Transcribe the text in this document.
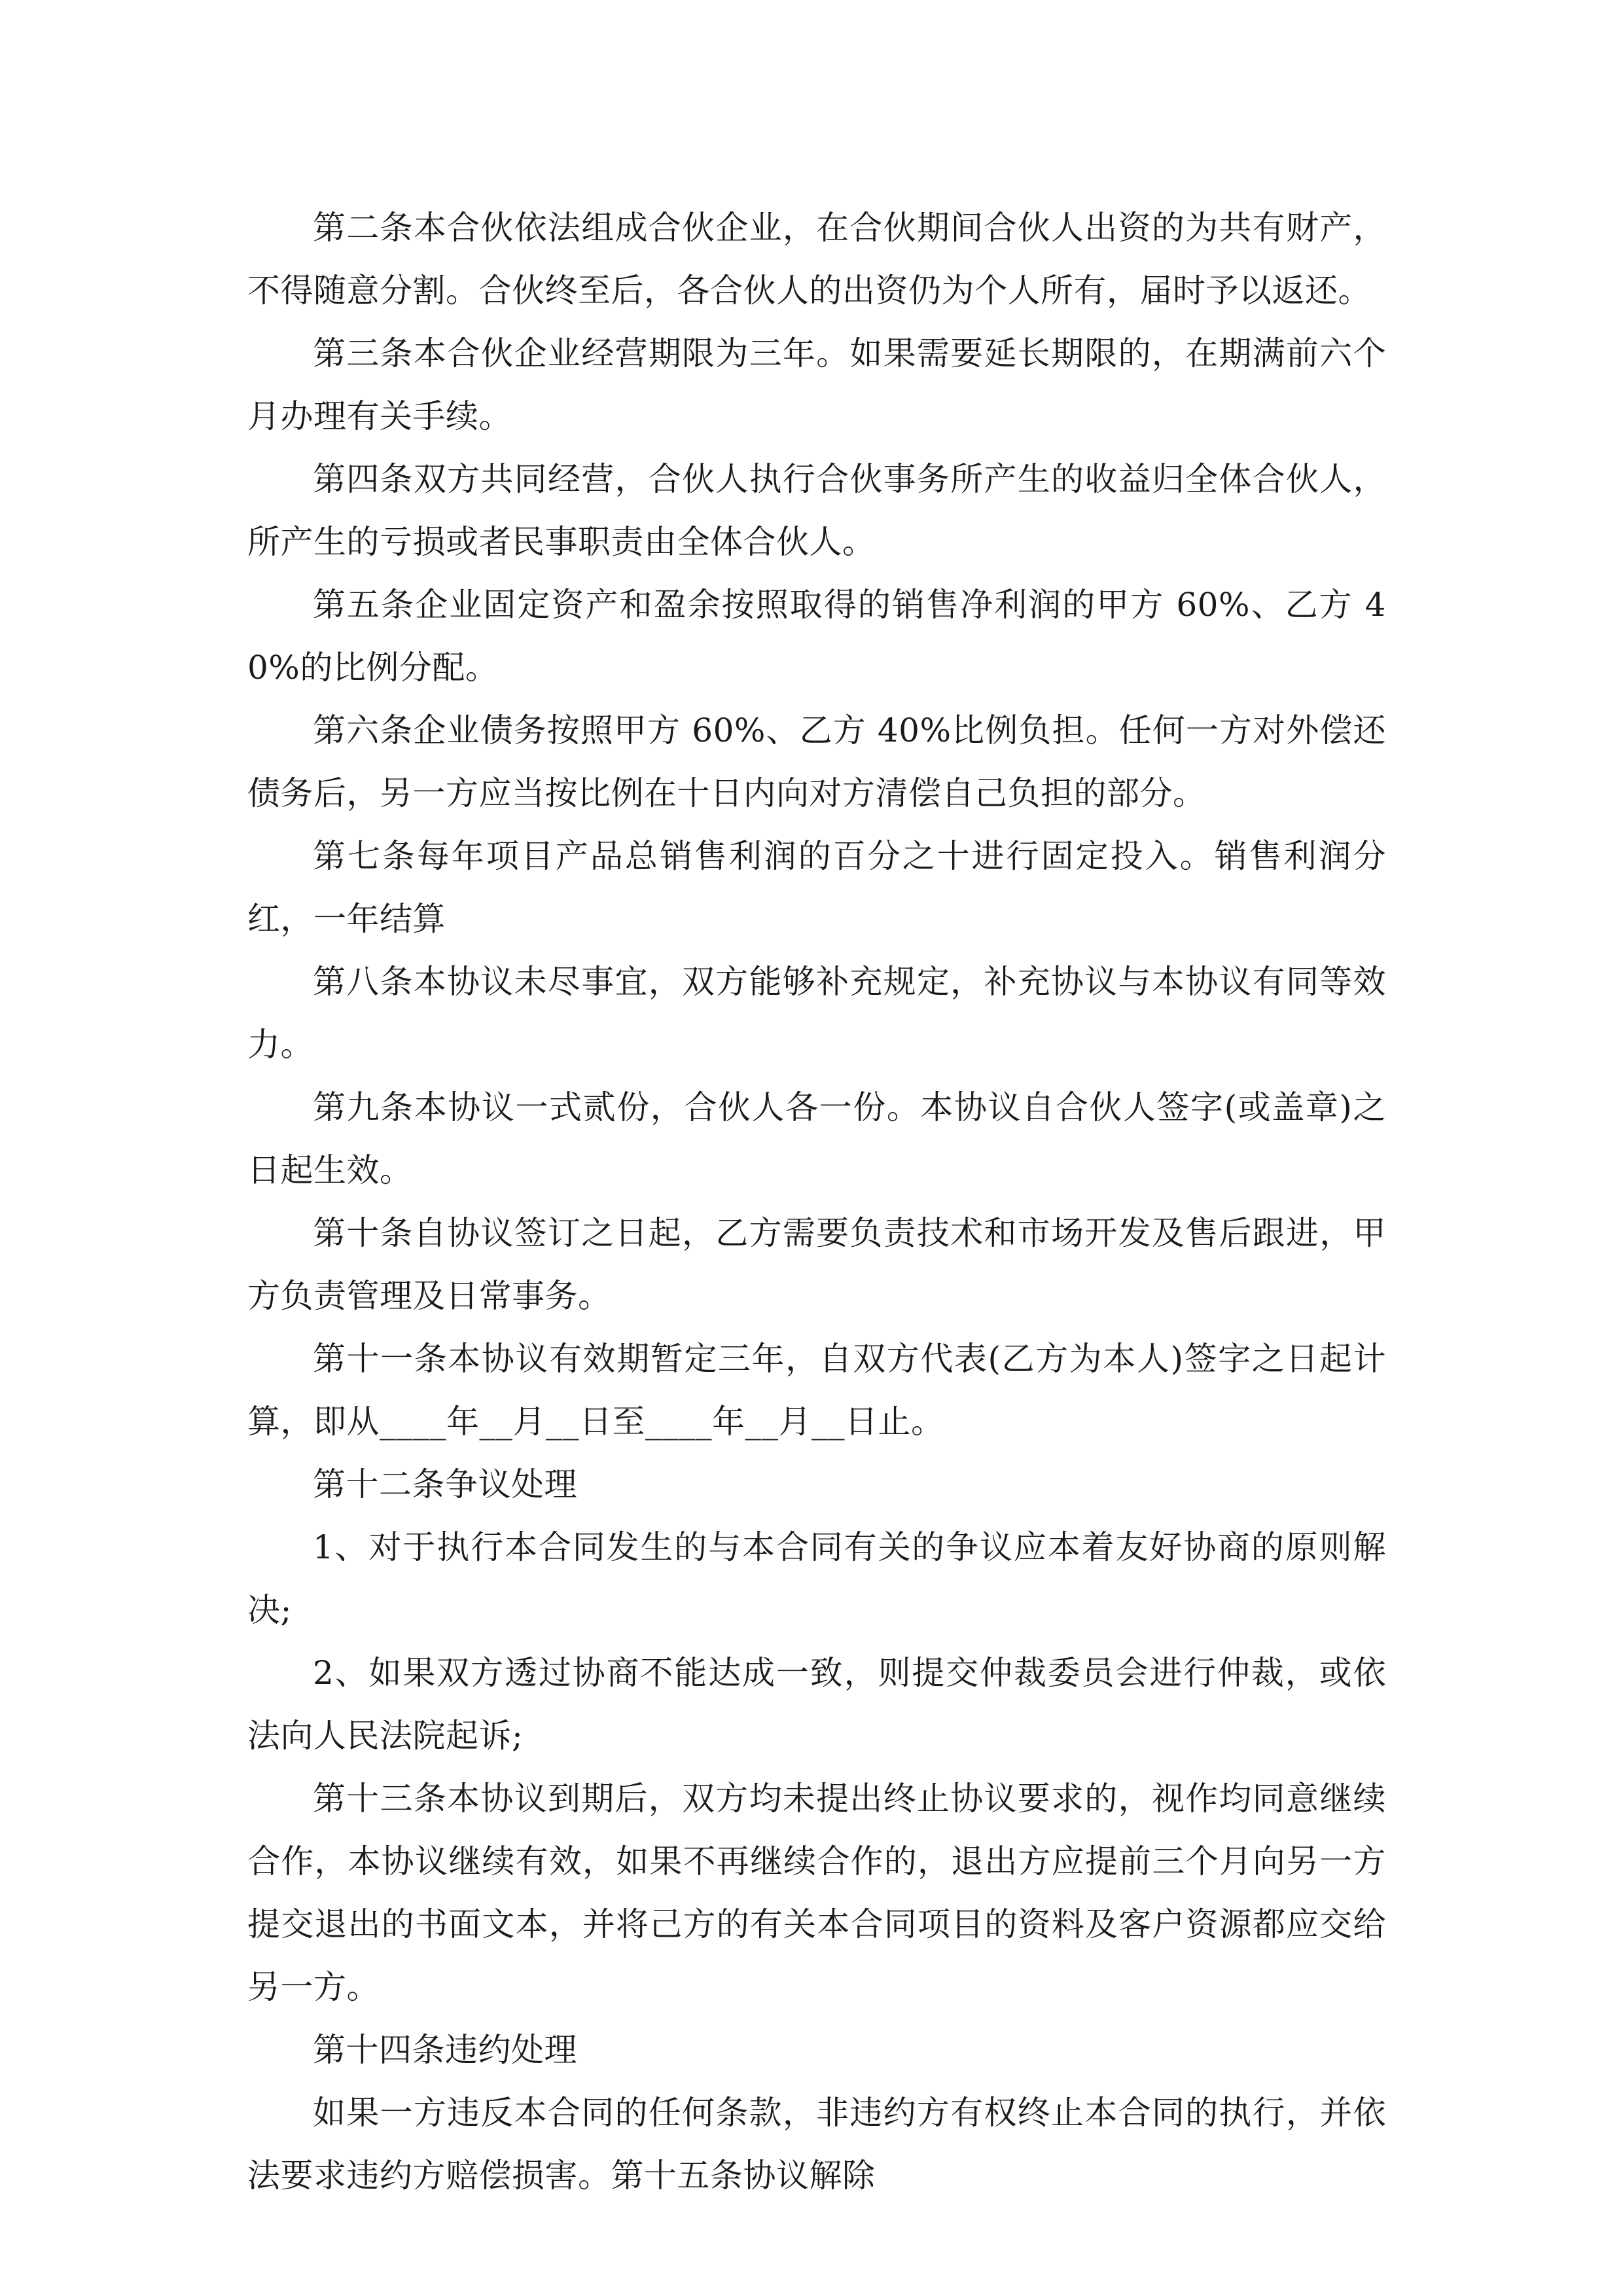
第二条本合伙依法组成合伙企业，在合伙期间合伙人出资的为共有财产，不得随意分割。合伙终至后，各合伙人的出资仍为个人所有，届时予以返还。

第三条本合伙企业经营期限为三年。如果需要延长期限的，在期满前六个月办理有关手续。

第四条双方共同经营，合伙人执行合伙事务所产生的收益归全体合伙人，所产生的亏损或者民事职责由全体合伙人。

第五条企业固定资产和盈余按照取得的销售净利润的甲方 60%、乙方 40%的比例分配。

第六条企业债务按照甲方 60%、乙方 40%比例负担。任何一方对外偿还债务后，另一方应当按比例在十日内向对方清偿自己负担的部分。

第七条每年项目产品总销售利润的百分之十进行固定投入。销售利润分红，一年结算

第八条本协议未尽事宜，双方能够补充规定，补充协议与本协议有同等效力。

第九条本协议一式贰份，合伙人各一份。本协议自合伙人签字(或盖章)之日起生效。

第十条自协议签订之日起，乙方需要负责技术和市场开发及售后跟进，甲方负责管理及日常事务。

第十一条本协议有效期暂定三年，自双方代表(乙方为本人)签字之日起计算，即从____年__月__日至____年__月__日止。

第十二条争议处理

1、对于执行本合同发生的与本合同有关的争议应本着友好协商的原则解决;

2、如果双方透过协商不能达成一致，则提交仲裁委员会进行仲裁，或依法向人民法院起诉;

第十三条本协议到期后，双方均未提出终止协议要求的，视作均同意继续合作，本协议继续有效，如果不再继续合作的，退出方应提前三个月向另一方提交退出的书面文本，并将己方的有关本合同项目的资料及客户资源都应交给另一方。

第十四条违约处理

如果一方违反本合同的任何条款，非违约方有权终止本合同的执行，并依法要求违约方赔偿损害。第十五条协议解除
